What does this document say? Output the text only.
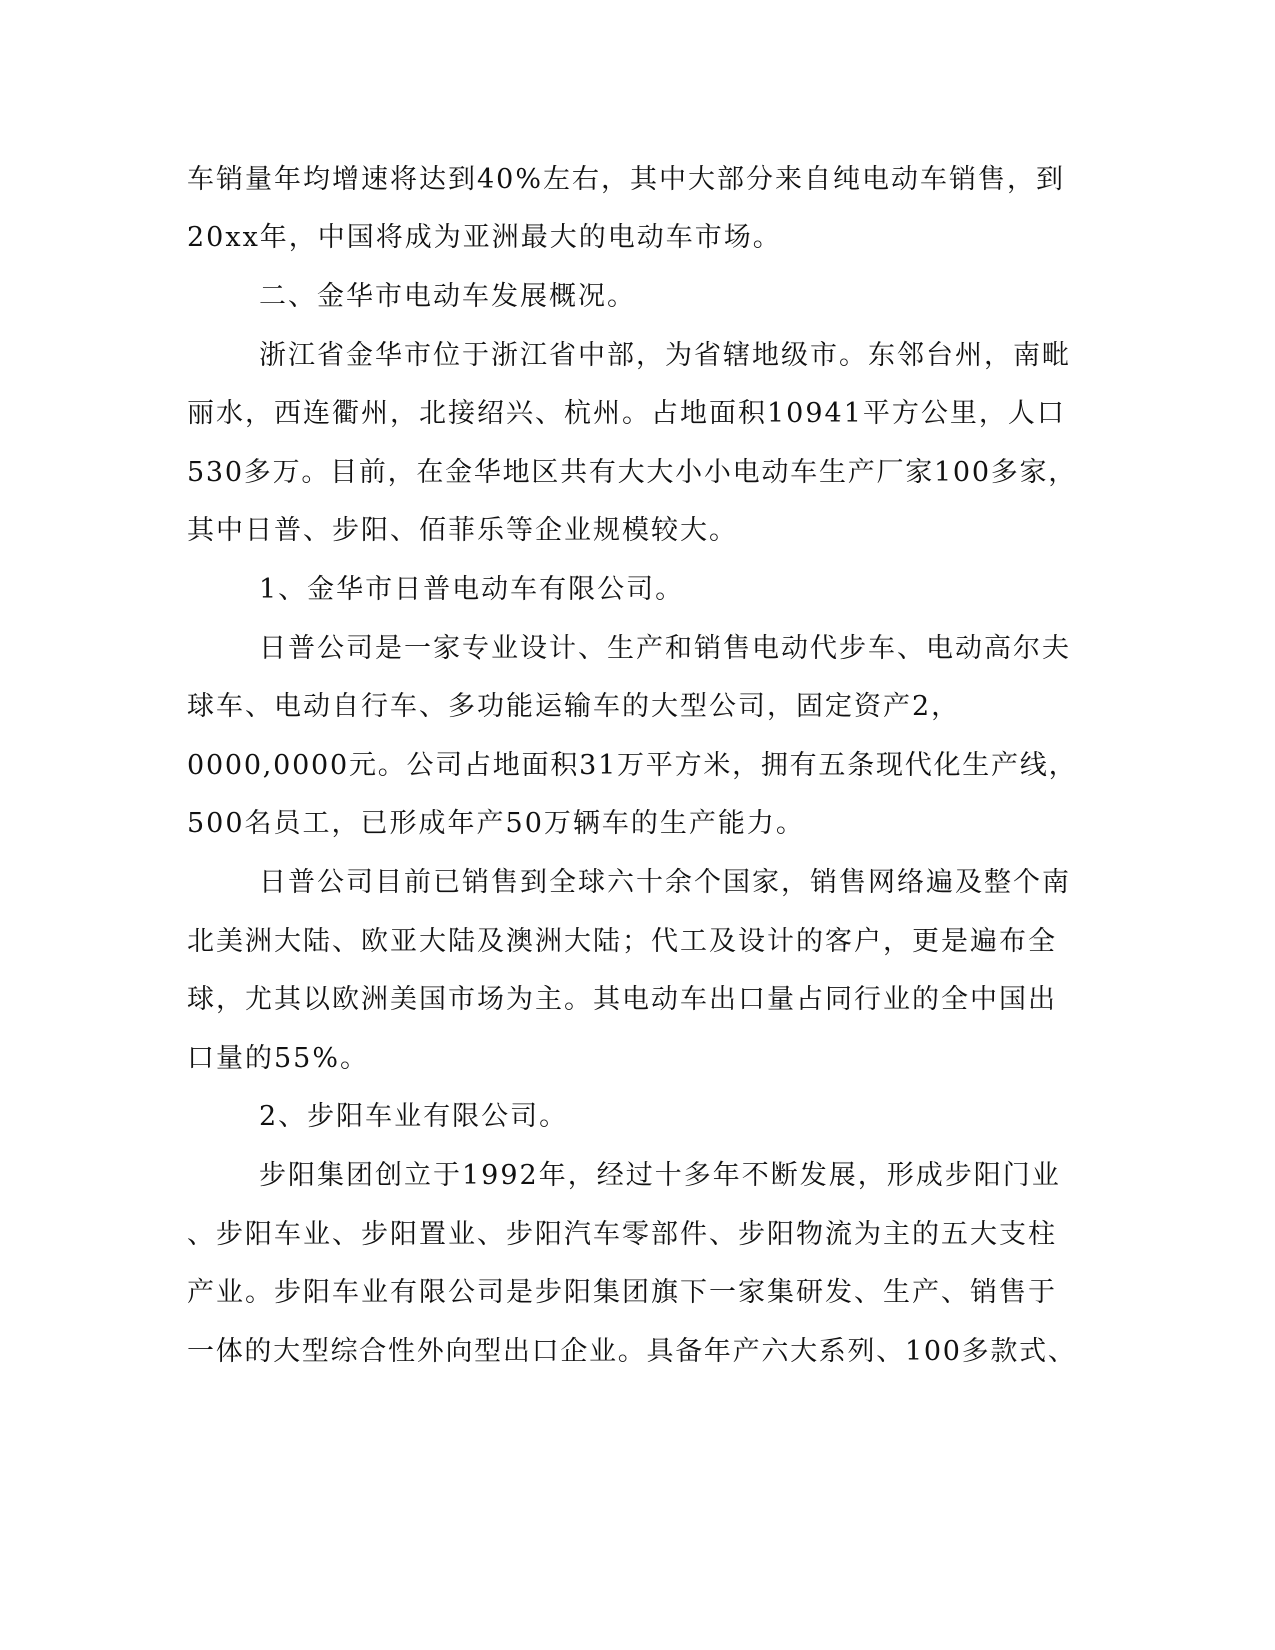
车销量年均增速将达到40%左右，其中大部分来自纯电动车销售，到
20xx年，中国将成为亚洲最大的电动车市场。
二、金华市电动车发展概况。
浙江省金华市位于浙江省中部，为省辖地级市。东邻台州，南毗
丽水，西连衢州，北接绍兴、杭州。占地面积10941平方公里，人口
530多万。目前，在金华地区共有大大小小电动车生产厂家100多家，
其中日普、步阳、佰菲乐等企业规模较大。
1、金华市日普电动车有限公司。
日普公司是一家专业设计、生产和销售电动代步车、电动高尔夫
球车、电动自行车、多功能运输车的大型公司，固定资产2，
0000,0000元。公司占地面积31万平方米，拥有五条现代化生产线，
500名员工，已形成年产50万辆车的生产能力。
日普公司目前已销售到全球六十余个国家，销售网络遍及整个南
北美洲大陆、欧亚大陆及澳洲大陆；代工及设计的客户，更是遍布全
球，尤其以欧洲美国市场为主。其电动车出口量占同行业的全中国出
口量的55%。
2、步阳车业有限公司。
步阳集团创立于1992年，经过十多年不断发展，形成步阳门业
、步阳车业、步阳置业、步阳汽车零部件、步阳物流为主的五大支柱
产业。步阳车业有限公司是步阳集团旗下一家集研发、生产、销售于
一体的大型综合性外向型出口企业。具备年产六大系列、100多款式、
